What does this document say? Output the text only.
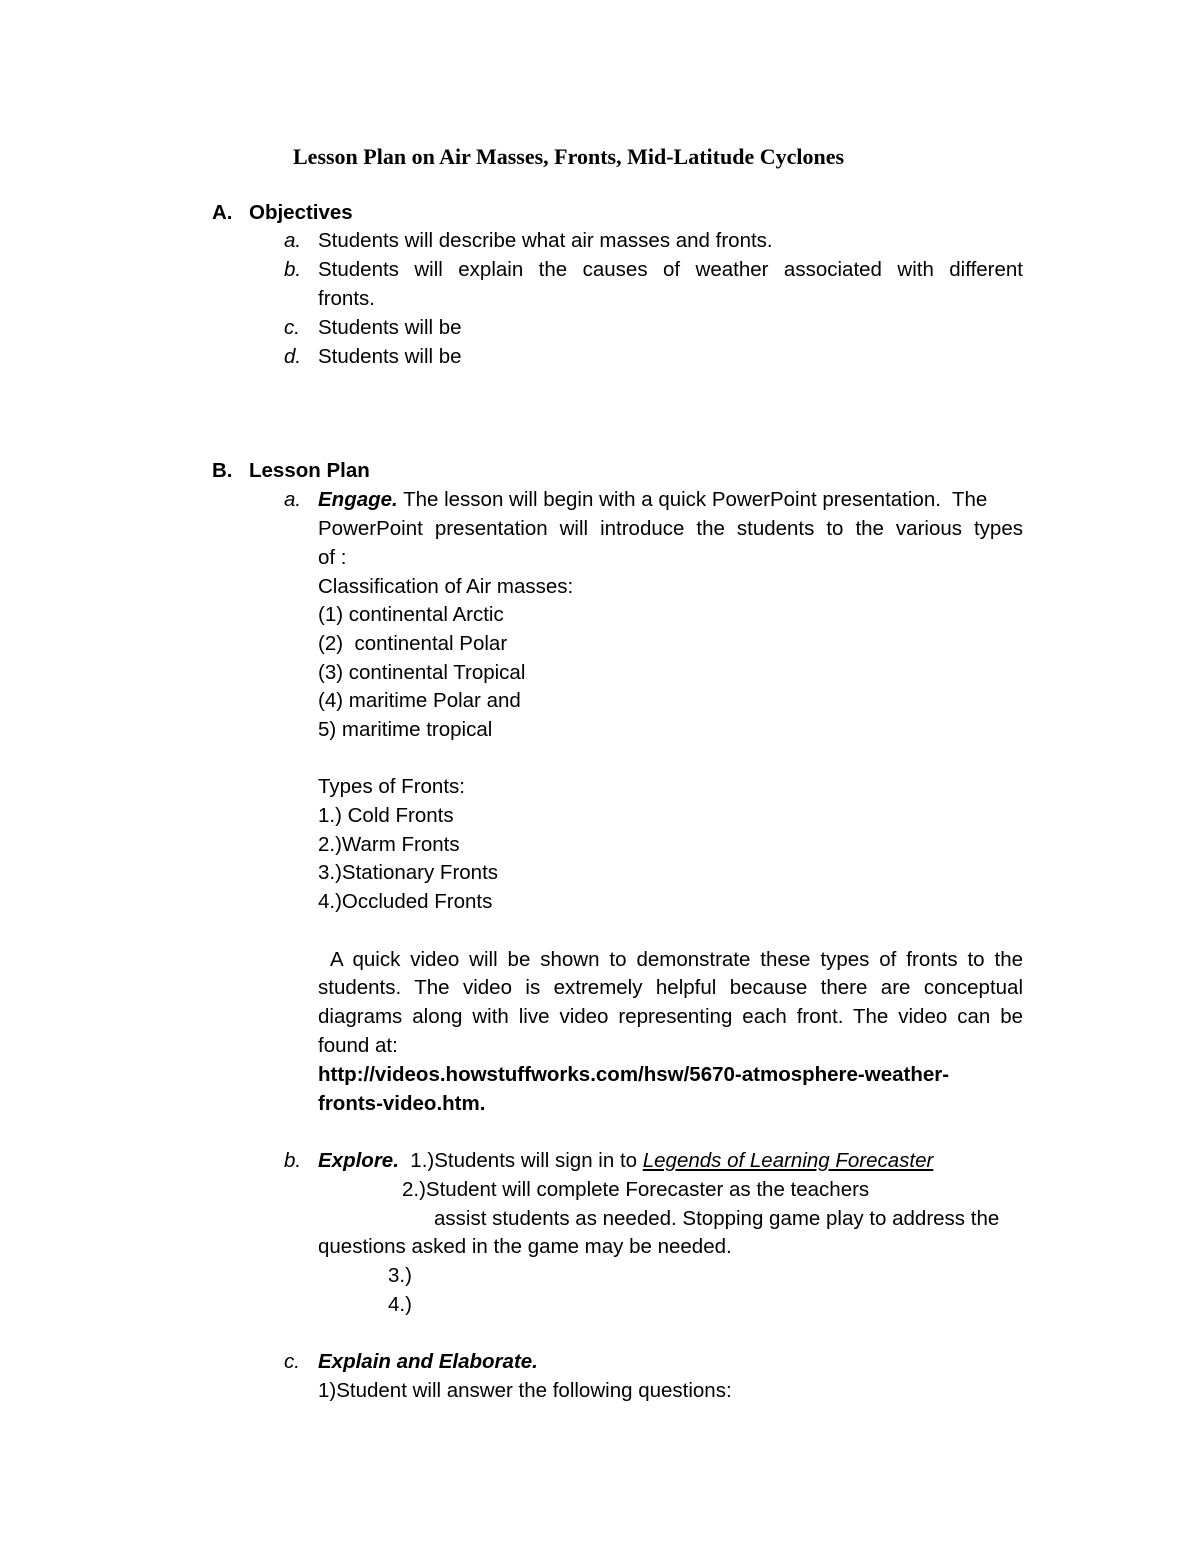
Lesson Plan on Air Masses, Fronts, Mid-Latitude Cyclones
A. Objectives
a. Students will describe what air masses and fronts.
b. Students will explain the causes of weather associated with different
fronts.
c. Students will be
d. Students will be
B. Lesson Plan
a. Engage. The lesson will begin with a quick PowerPoint presentation.  The
PowerPoint presentation will introduce the students to the various types
of :
Classification of Air masses:
(1) continental Arctic
(2)  continental Polar
(3) continental Tropical
(4) maritime Polar and
5) maritime tropical
Types of Fronts:
1.) Cold Fronts
2.)Warm Fronts
3.)Stationary Fronts
4.)Occluded Fronts
A quick video will be shown to demonstrate these types of fronts to the
students. The video is extremely helpful because there are conceptual
diagrams along with live video representing each front. The video can be
found at:
http://videos.howstuffworks.com/hsw/5670-atmosphere-weather-
fronts-video.htm.
b. Explore. 1.)Students will sign in to Legends of Learning Forecaster
2.)Student will complete Forecaster as the teachers
assist students as needed. Stopping game play to address the
questions asked in the game may be needed.
3.)
4.)
c. Explain and Elaborate.
1)Student will answer the following questions:
